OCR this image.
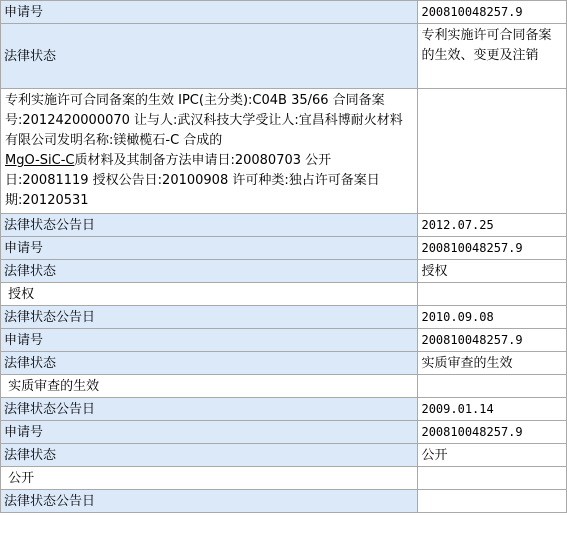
申请号	200810048257.9
法律状态	专利实施许可合同备案的生效、变更及注销
专利实施许可合同备案的生效 IPC(主分类):C04B 35/66 合同备案号:2012420000070 让与人:武汉科技大学受让人:宜昌科博耐火材料有限公司发明名称:镁橄榄石-C 合成的
MgO-SiC-C质材料及其制备方法申请日:20080703 公开日:20081119 授权公告日:20100908 许可种类:独占许可备案日期:20120531	
法律状态公告日	2012.07.25
申请号	200810048257.9
法律状态	授权
授权	
法律状态公告日	2010.09.08
申请号	200810048257.9
法律状态	实质审查的生效
实质审查的生效	
法律状态公告日	2009.01.14
申请号	200810048257.9
法律状态	公开
公开	
法律状态公告日	
